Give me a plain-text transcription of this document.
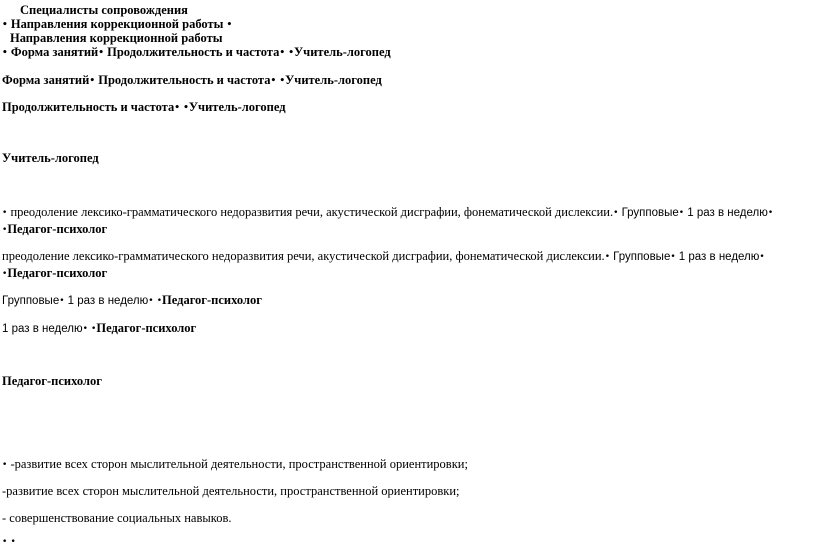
Специалисты сопровождения
• Направления коррекционной работы •
Направления коррекционной работы
• Форма занятий• Продолжительность и частота• •Учитель-логопед
Форма занятий• Продолжительность и частота• •Учитель-логопед
Продолжительность и частота• •Учитель-логопед
Учитель-логопед
• преодоление лексико-грамматического недоразвития речи, акустической дисграфии, фонематической дислексии.• Групповые• 1 раз в неделю• •Педагог-психолог
преодоление лексико-грамматического недоразвития речи, акустической дисграфии, фонематической дислексии.• Групповые• 1 раз в неделю• •Педагог-психолог
Групповые• 1 раз в неделю• •Педагог-психолог
1 раз в неделю• •Педагог-психолог
Педагог-психолог
• -развитие всех сторон мыслительной деятельности, пространственной ориентировки;
-развитие всех сторон мыслительной деятельности, пространственной ориентировки;
- совершенствование социальных навыков.
• •
